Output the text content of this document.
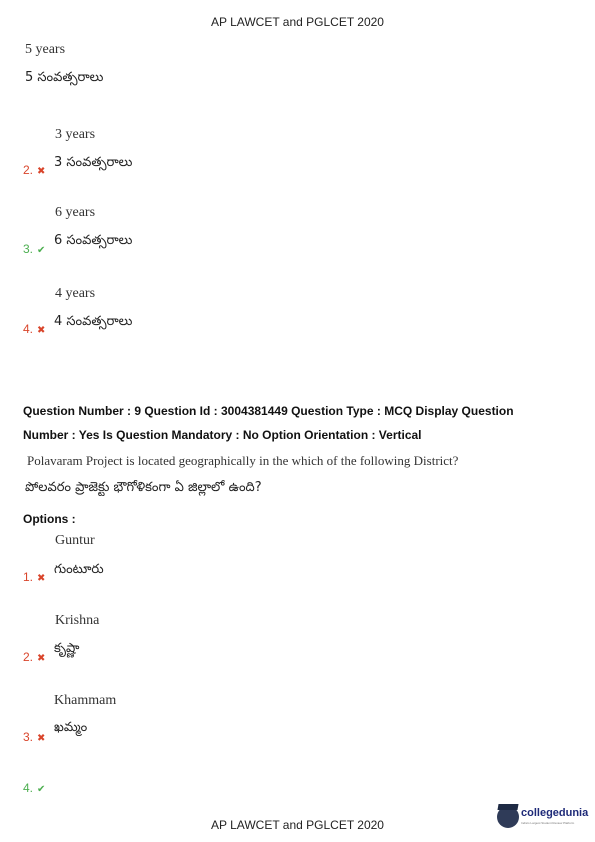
AP LAWCET and PGLCET 2020
5 years
5 సంవత్సరాలు
3 years
2. ✖
3 సంవత్సరాలు
6 years
3. ✔
6 సంవత్సరాలు
4 years
4. ✖
4 సంవత్సరాలు
Question Number : 9 Question Id : 3004381449 Question Type : MCQ Display Question
Number : Yes Is Question Mandatory : No Option Orientation : Vertical
Polavaram Project is located geographically in the which of the following District?
పోలవరం ప్రాజెక్టు భౌగోళికంగా ఏ జిల్లాలో ఉంది?
Options :
Guntur
1. ✖
గుంటూరు
Krishna
2. ✖
కృష్ణా
Khammam
3. ✖
ఖమ్మం
4. ✔
AP LAWCET and PGLCET 2020
collegedunia
India's Largest Student Review Platform
